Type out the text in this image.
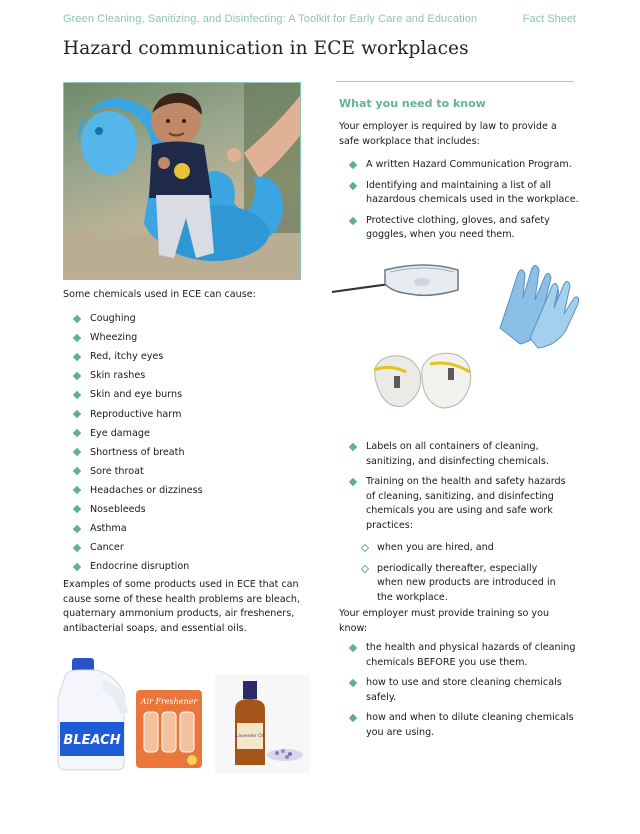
Green Cleaning, Sanitizing, and Disinfecting: A Toolkit for Early Care and Education	Fact Sheet
Hazard communication in ECE workplaces
Some chemicals used in ECE can cause:
Coughing
Wheezing
Red, itchy eyes
Skin rashes
Skin and eye burns
Reproductive harm
Eye damage
Shortness of breath
Sore throat
Headaches or dizziness
Nosebleeds
Asthma
Cancer
Endocrine disruption
Examples of some products used in ECE that can
cause some of these health problems are bleach,
quaternary ammonium products, air fresheners,
antibacterial soaps, and essential oils.
BLEACH
Air Freshener
Lavender Oil
What you need to know
Your employer is required by law to provide a
safe workplace that includes:
A written Hazard Communication Program.
Identifying and maintaining a list of all
hazardous chemicals used in the workplace.
Protective clothing, gloves, and safety
goggles, when you need them.
Labels on all containers of cleaning,
sanitizing, and disinfecting chemicals.
Training on the health and safety hazards
of cleaning, sanitizing, and disinfecting
chemicals you are using and safe work
practices:
when you are hired, and
periodically thereafter, especially
when new products are introduced in
the workplace.
Your employer must provide training so you
know:
the health and physical hazards of cleaning
chemicals BEFORE you use them.
how to use and store cleaning chemicals
safely.
how and when to dilute cleaning chemicals
you are using.
